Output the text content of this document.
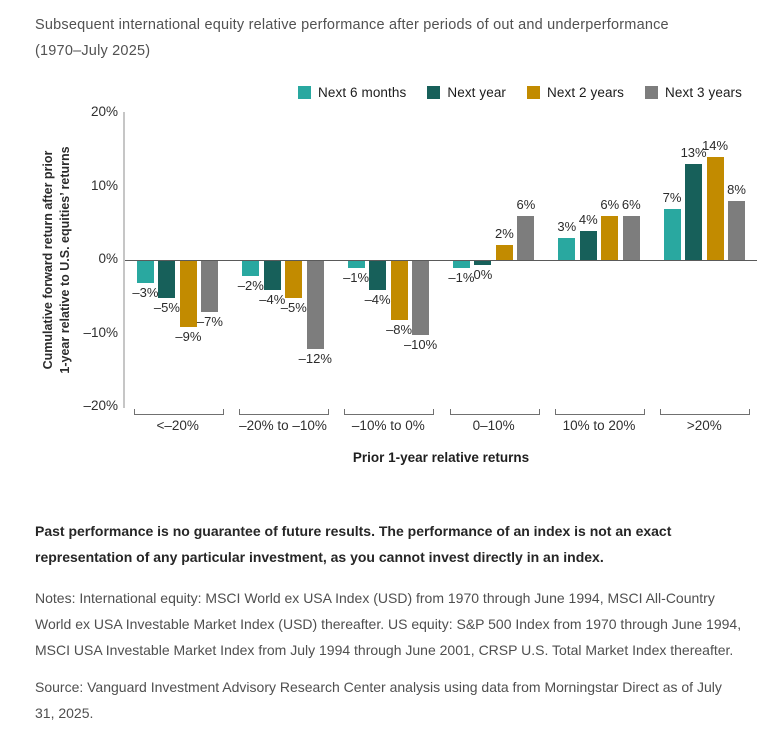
Subsequent international equity relative performance after periods of out and underperformance
(1970–July 2025)
Next 6 months	Next year	Next 2 years	Next 3 years
Cumulative forward return after prior 1-year relative to U.S. equities’ returns
Prior 1-year relative returns

Past performance is no guarantee of future results. The performance of an index is not an exact representation of any particular investment, as you cannot invest directly in an index.

Notes: International equity: MSCI World ex USA Index (USD) from 1970 through June 1994, MSCI All-Country World ex USA Investable Market Index (USD) thereafter. US equity: S&P 500 Index from 1970 through June 1994, MSCI USA Investable Market Index from July 1994 through June 2001, CRSP U.S. Total Market Index thereafter.

Source: Vanguard Investment Advisory Research Center analysis using data from Morningstar Direct as of July 31, 2025.

20%
10%
0%
–10%
–20%
–3%
–5%
–9%
–7%
<–20%
–2%
–4%
–5%
–12%
–20% to –10%
–1%
–4%
–8%
–10%
–10% to 0%
–1% 0%
2%
6%
0–10%
3% 4%
6% 6%
10% to 20%
7%
13%
14%
8%
>20%
